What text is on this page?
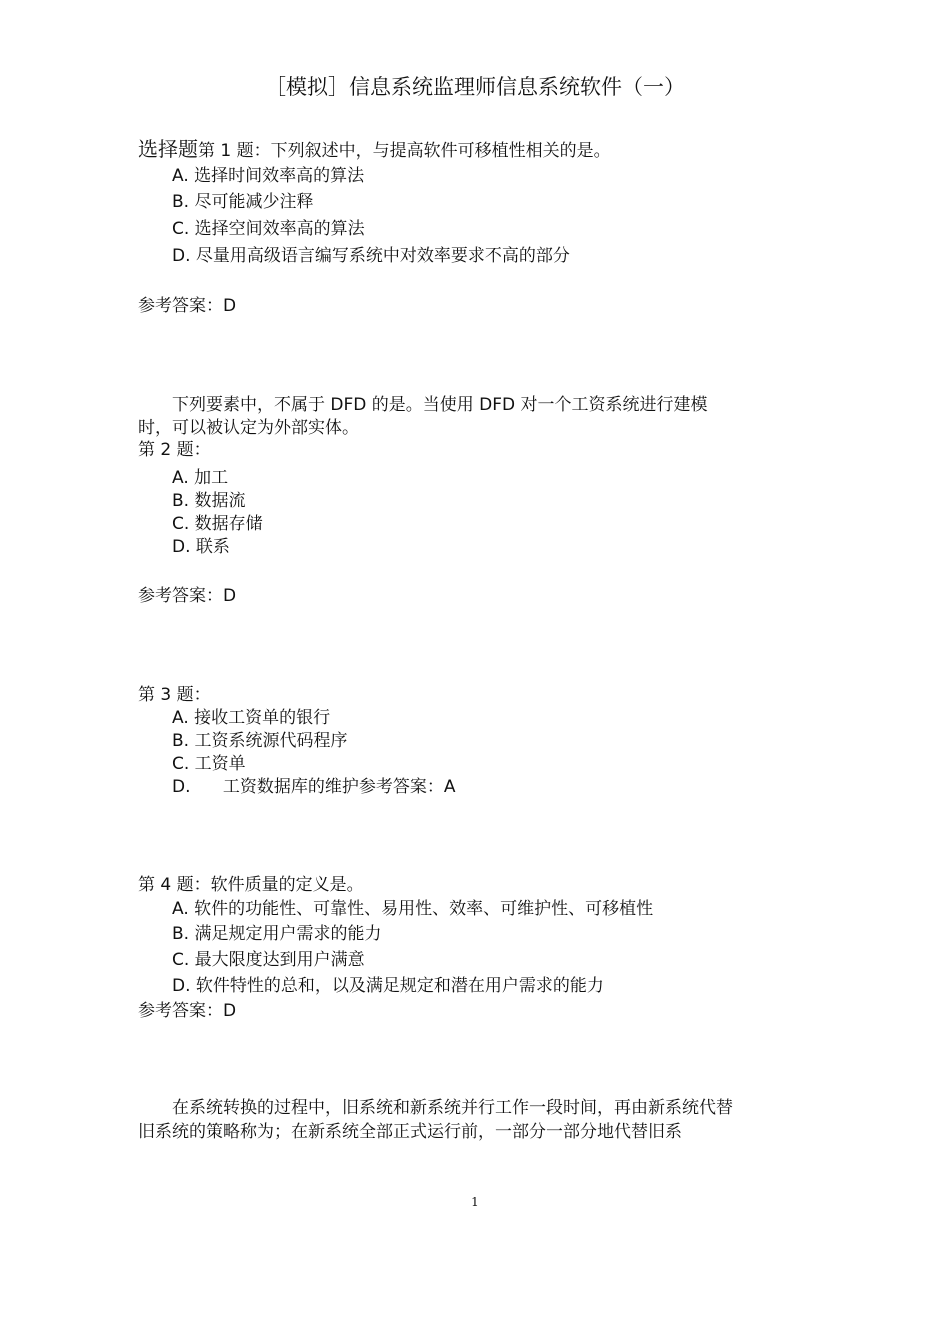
［模拟］信息系统监理师信息系统软件（一）
选择题第 1 题：下列叙述中，与提高软件可移植性相关的是。
A. 选择时间效率高的算法
B. 尽可能减少注释
C. 选择空间效率高的算法
D. 尽量用高级语言编写系统中对效率要求不高的部分
参考答案：D
下列要素中，不属于 DFD 的是。当使用 DFD 对一个工资系统进行建模
时，可以被认定为外部实体。
第 2 题：
A. 加工
B. 数据流
C. 数据存储
D. 联系
参考答案：D
第 3 题：
A. 接收工资单的银行
B. 工资系统源代码程序
C. 工资单
D.      工资数据库的维护参考答案：A
第 4 题：软件质量的定义是。
A. 软件的功能性、可靠性、易用性、效率、可维护性、可移植性
B. 满足规定用户需求的能力
C. 最大限度达到用户满意
D. 软件特性的总和，以及满足规定和潜在用户需求的能力
参考答案：D
在系统转换的过程中，旧系统和新系统并行工作一段时间，再由新系统代替
旧系统的策略称为；在新系统全部正式运行前，一部分一部分地代替旧系
1
